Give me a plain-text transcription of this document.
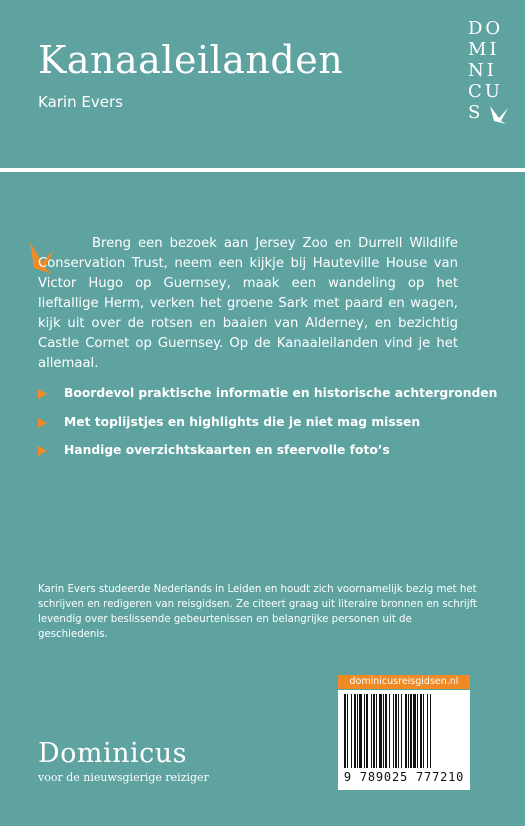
Kanaaleilanden
Karin Evers
DO
MI
NI
CU
S
Breng een bezoek aan Jersey Zoo en Durrell Wildlife Conservation Trust, neem een kijkje bij Hauteville House van Victor Hugo op Guernsey, maak een wandeling op het lieftallige Herm, verken het groene Sark met paard en wagen, kijk uit over de rotsen en baaien van Alderney, en bezichtig Castle Cornet op Guernsey. Op de Kanaaleilanden vind je het allemaal.
Boordevol praktische informatie en historische achtergronden
Met toplijstjes en highlights die je niet mag missen
Handige overzichtskaarten en sfeervolle foto’s
Karin Evers studeerde Nederlands in Leiden en houdt zich voornamelijk bezig met het schrijven en redigeren van reisgidsen. Ze citeert graag uit literaire bronnen en schrijft levendig over beslissende gebeurtenissen en belangrijke personen uit de geschiedenis.
Dominicus
voor de nieuwsgierige reiziger
dominicusreisgidsen.nl
9 789025 777210
